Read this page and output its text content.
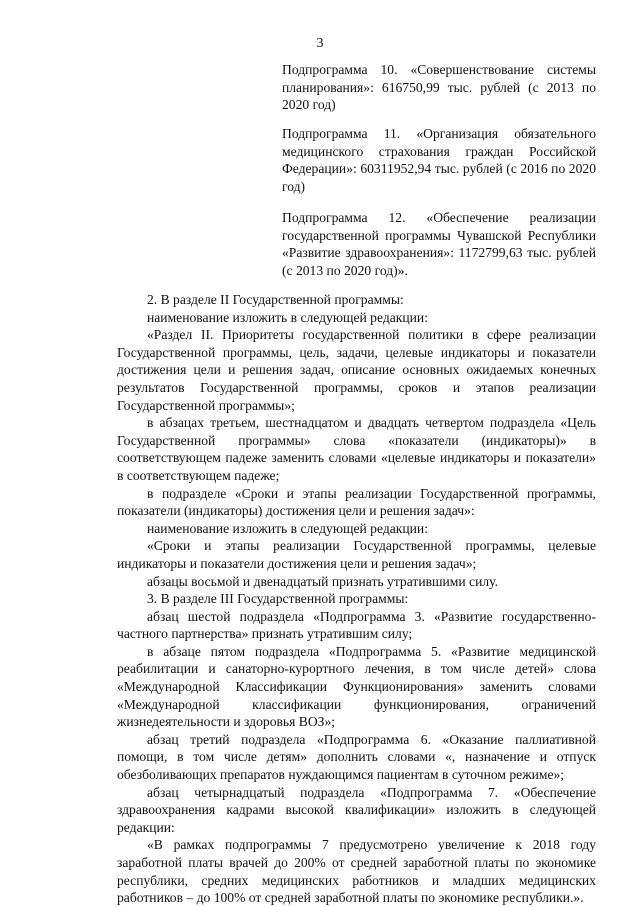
3

Подпрограмма 10. «Совершенствование системы планирования»: 616750,99 тыс. рублей (с 2013 по 2020 год)

Подпрограмма 11. «Организация обязательного медицинского страхования граждан Российской Федерации»: 60311952,94 тыс. рублей (с 2016 по 2020 год)

Подпрограмма 12. «Обеспечение реализации государственной программы Чувашской Республики «Развитие здравоохранения»: 1172799,63 тыс. рублей (с 2013 по 2020 год)».

2. В разделе II Государственной программы:

наименование изложить в следующей редакции:

«Раздел II. Приоритеты государственной политики в сфере реализации Государственной программы, цель, задачи, целевые индикаторы и показатели достижения цели и решения задач, описание основных ожидаемых конечных результатов Государственной программы, сроков и этапов реализации Государственной программы»;

в абзацах третьем, шестнадцатом и двадцать четвертом подраздела «Цель Государственной программы» слова «показатели (индикаторы)» в соответствующем падеже заменить словами «целевые индикаторы и показатели» в соответствующем падеже;

в подразделе «Сроки и этапы реализации Государственной программы, показатели (индикаторы) достижения цели и решения задач»:

наименование изложить в следующей редакции:

«Сроки и этапы реализации Государственной программы, целевые индикаторы и показатели достижения цели и решения задач»;

абзацы восьмой и двенадцатый признать утратившими силу.

3. В разделе III Государственной программы:

абзац шестой подраздела «Подпрограмма 3. «Развитие государственно-частного партнерства» признать утратившим силу;

в абзаце пятом подраздела «Подпрограмма 5. «Развитие медицинской реабилитации и санаторно-курортного лечения, в том числе детей» слова «Международной Классификации Функционирования» заменить словами «Международной классификации функционирования, ограничений жизнедеятельности и здоровья ВОЗ»;

абзац третий подраздела «Подпрограмма 6. «Оказание паллиативной помощи, в том числе детям» дополнить словами «, назначение и отпуск обезболивающих препаратов нуждающимся пациентам в суточном режиме»;

абзац четырнадцатый подраздела «Подпрограмма 7. «Обеспечение здравоохранения кадрами высокой квалификации» изложить в следующей редакции:

«В рамках подпрограммы 7 предусмотрено увеличение к 2018 году заработной платы врачей до 200% от средней заработной платы по экономике республики, средних медицинских работников и младших медицинских работников – до 100% от средней заработной платы по экономике республики.».
